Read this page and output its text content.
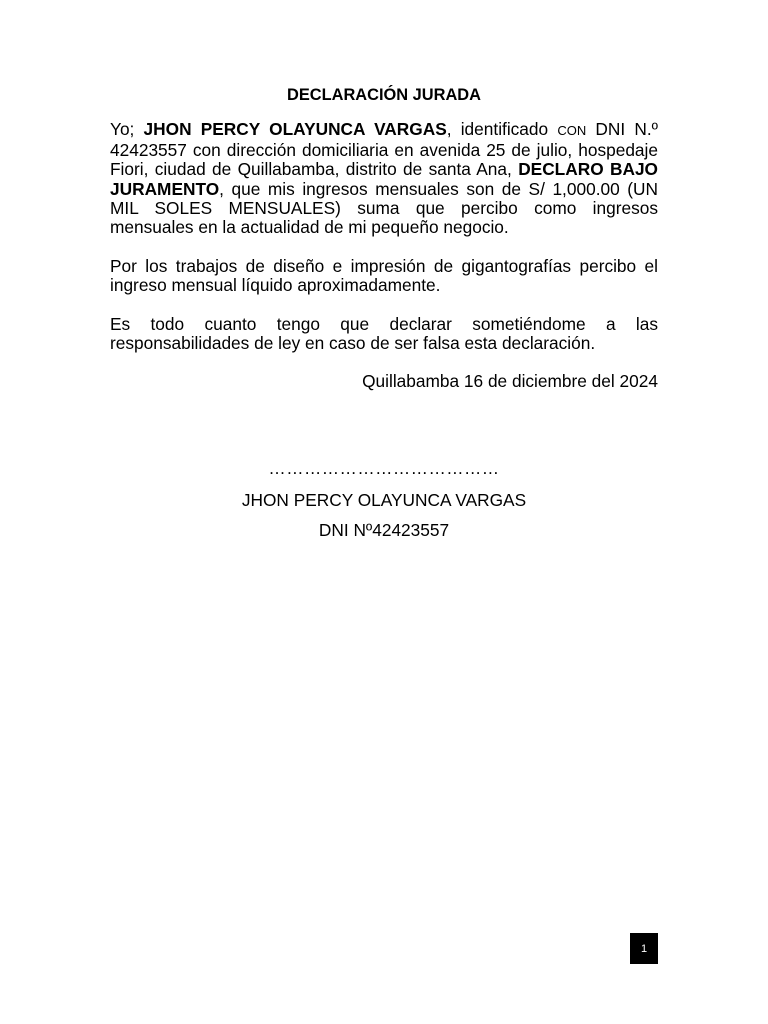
DECLARACIÓN JURADA

Yo; JHON PERCY OLAYUNCA VARGAS, identificado CON DNI N.º 42423557 con dirección domiciliaria en avenida 25 de julio, hospedaje Fiori, ciudad de Quillabamba, distrito de santa Ana, DECLARO BAJO JURAMENTO, que mis ingresos mensuales son de S/ 1,000.00 (UN MIL SOLES MENSUALES) suma que percibo como ingresos mensuales en la actualidad de mi pequeño negocio.

Por los trabajos de diseño e impresión de gigantografías percibo el ingreso mensual líquido aproximadamente.

Es todo cuanto tengo que declarar sometiéndome a las responsabilidades de ley en caso de ser falsa esta declaración.

Quillabamba 16 de diciembre del 2024

…………………………………
JHON PERCY OLAYUNCA VARGAS
DNI Nº42423557
1
